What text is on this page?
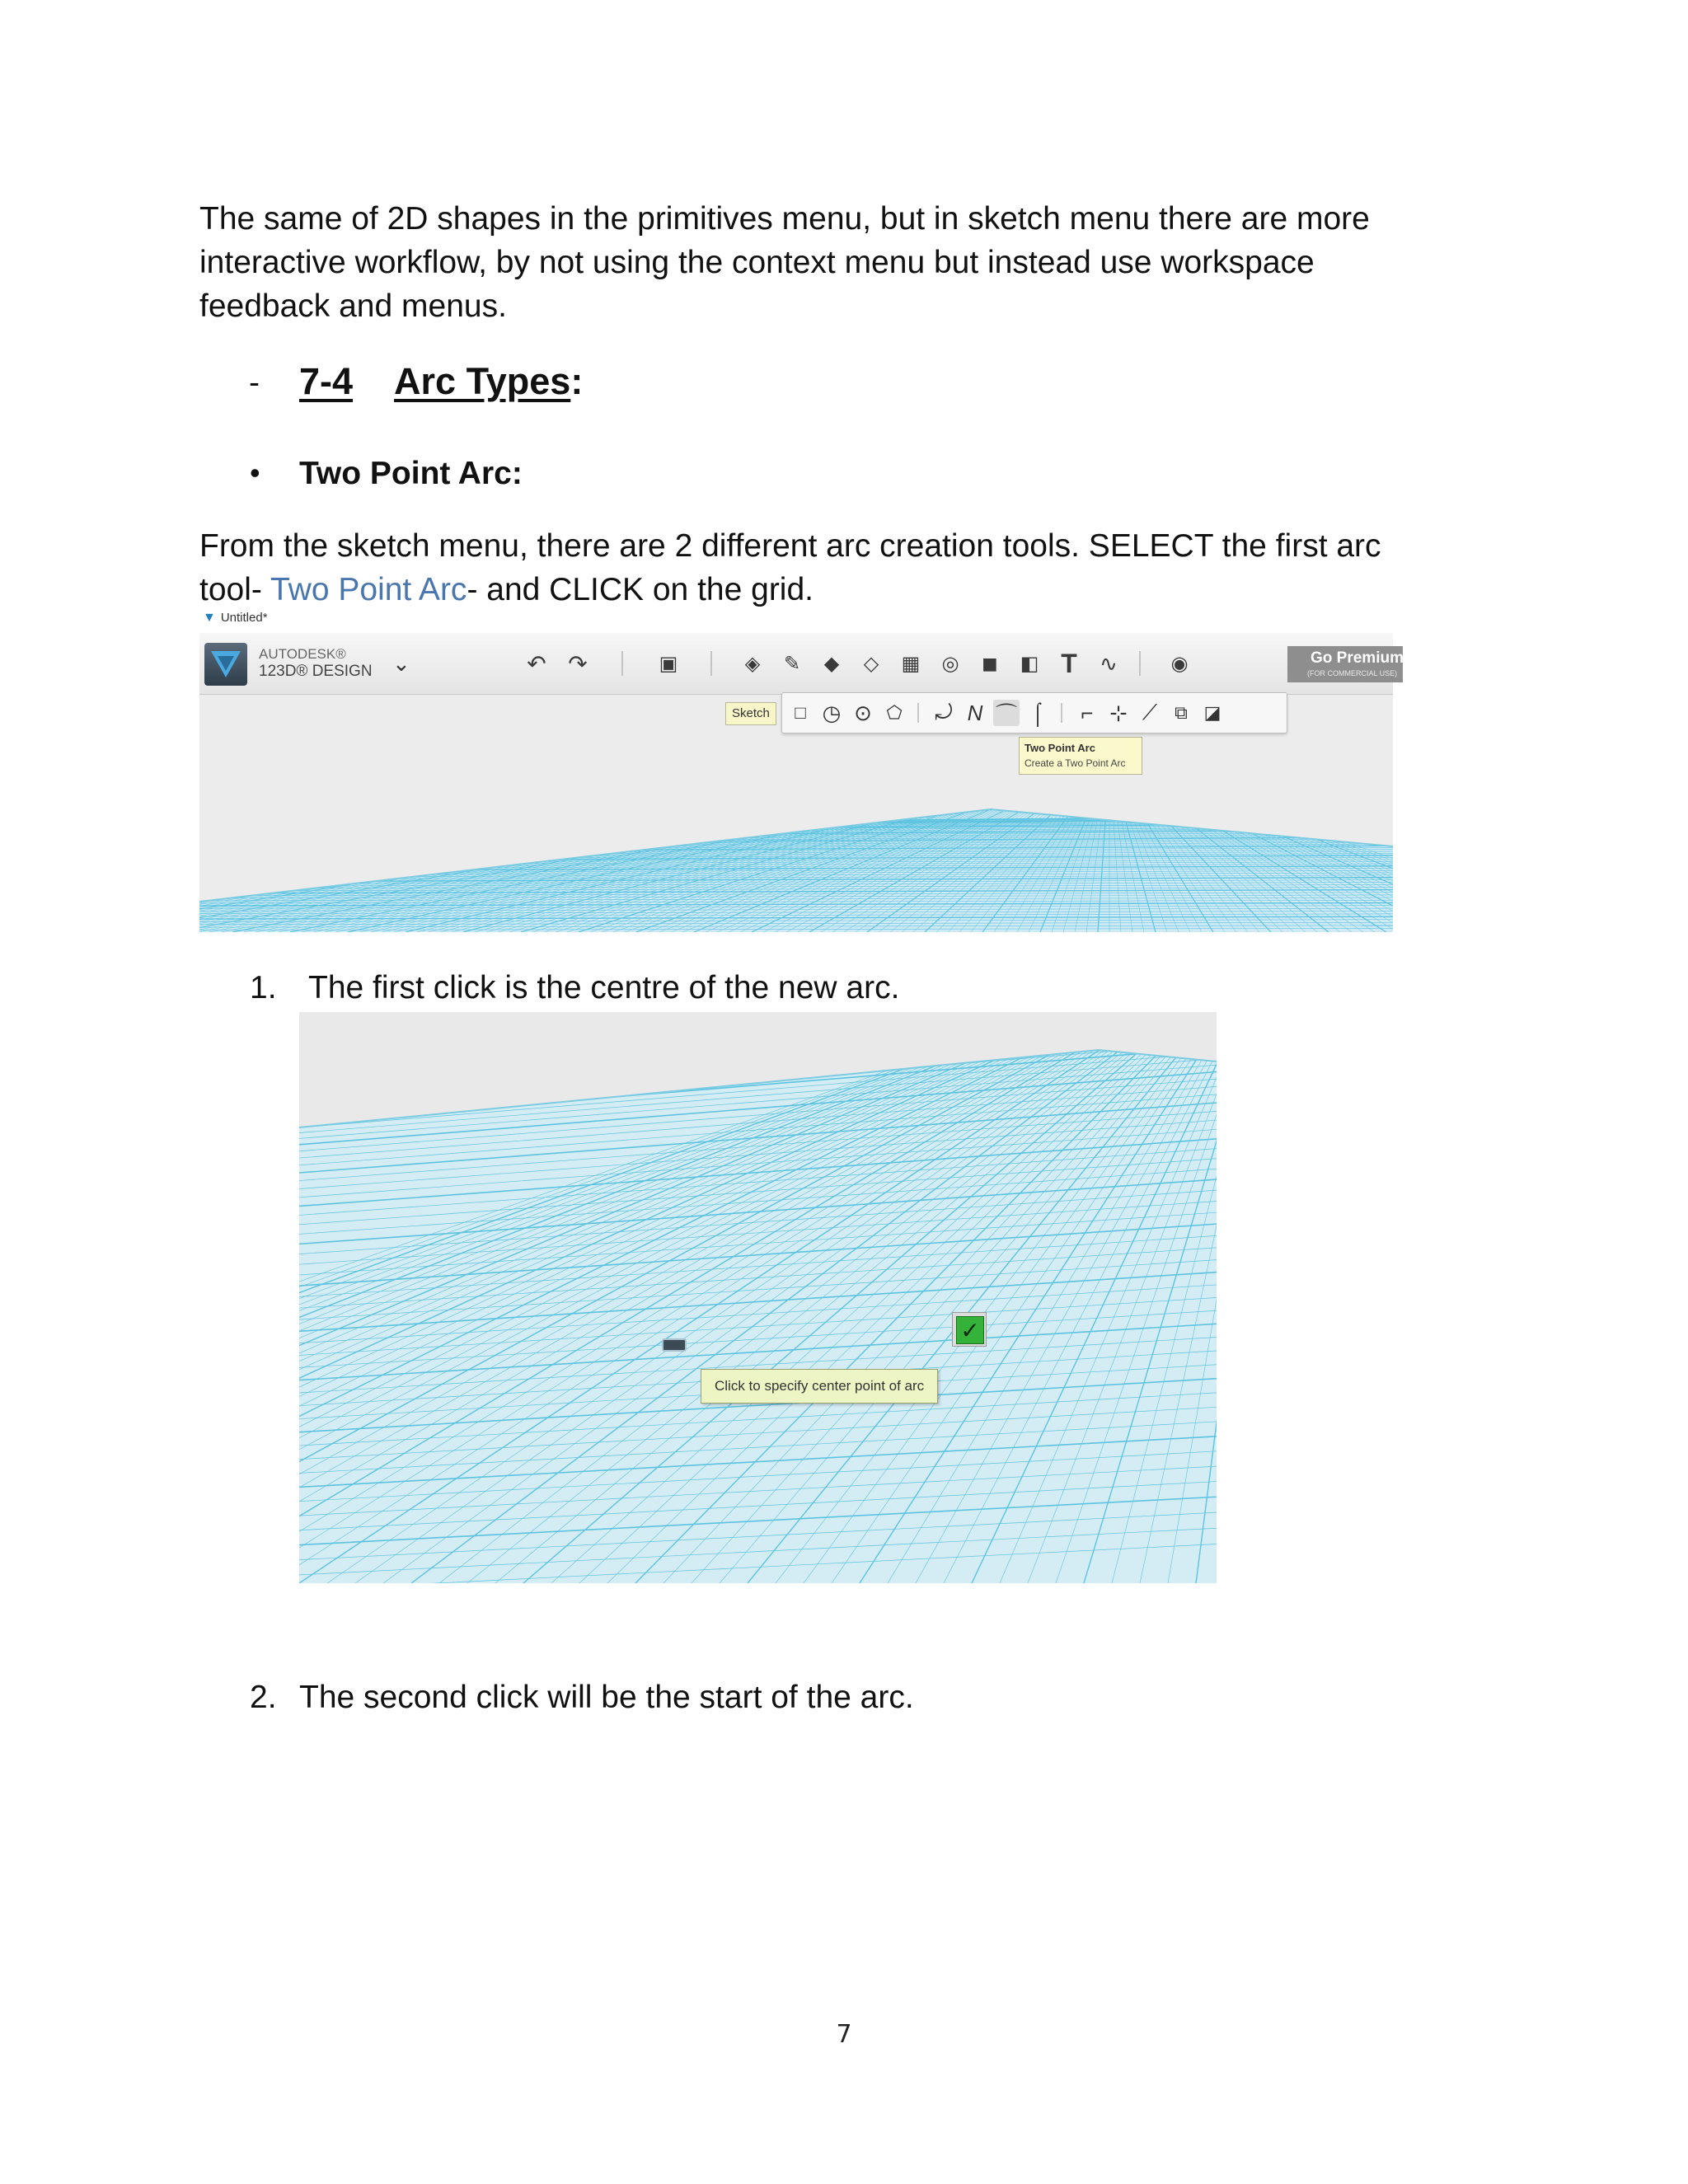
The same of 2D shapes in the primitives menu, but in sketch menu there are more

interactive workflow, by not using the context menu but instead use workspace

feedback and menus.

- 7-4 Arc Types:
• Two Point Arc:

From the sketch menu, there are 2 different arc creation tools. SELECT the first arc

tool- Two Point Arc- and CLICK on the grid.

▼ Untitled*
AUTODESK®
123D® DESIGN ⌄	↶ ↷	▣	◈	✎	◆	◇	▦	◎	◼	◧ T	∿	◉	Go Premium
(FOR COMMERCIAL USE)
Sketch	□ ◷ ⊙ ⬠ ⤾ Ν ⌒ ⌠	⌐ ⊹ ⟋ ⧉ ◪
Two Point Arc
Create a Two Point Arc
1. The first click is the centre of the new arc.
✓
Click to specify center point of arc
2. The second click will be the start of the arc.
7
